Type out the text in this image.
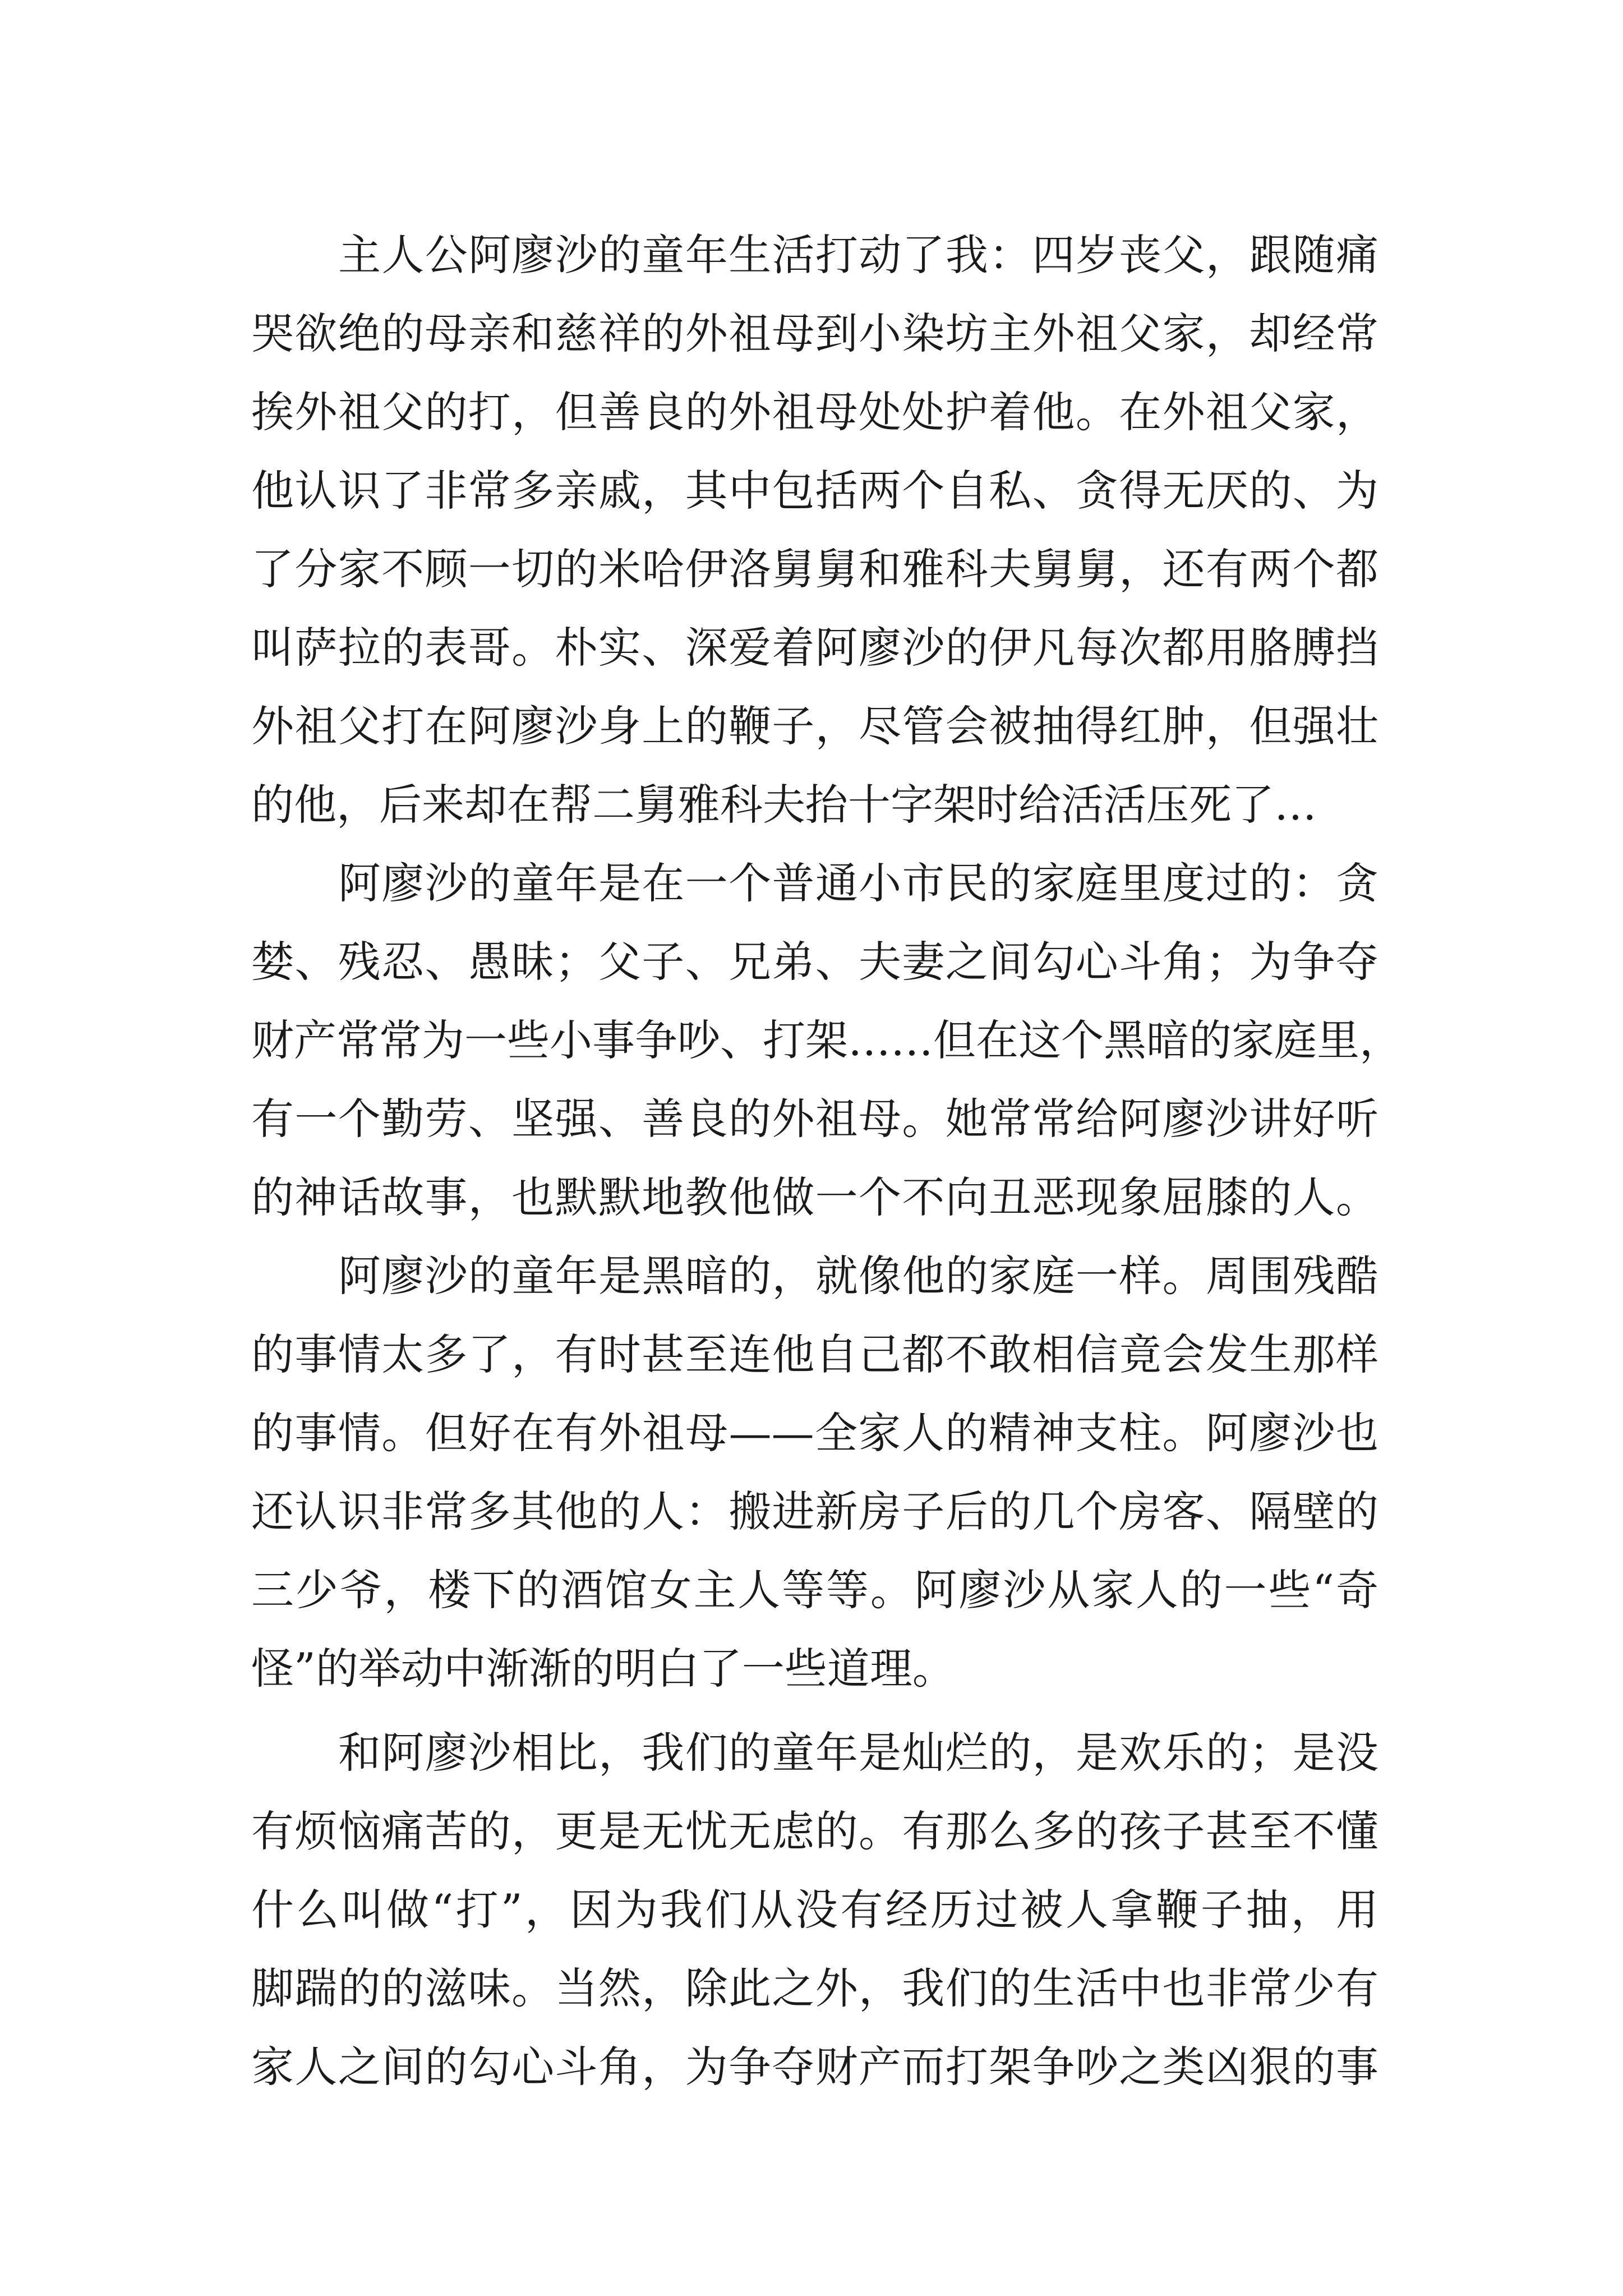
主人公阿廖沙的童年生活打动了我：四岁丧父，跟随痛
哭欲绝的母亲和慈祥的外祖母到小染坊主外祖父家，却经常
挨外祖父的打，但善良的外祖母处处护着他。在外祖父家，
他认识了非常多亲戚，其中包括两个自私、贪得无厌的、为
了分家不顾一切的米哈伊洛舅舅和雅科夫舅舅，还有两个都
叫萨拉的表哥。朴实、深爱着阿廖沙的伊凡每次都用胳膊挡
外祖父打在阿廖沙身上的鞭子，尽管会被抽得红肿，但强壮
的他，后来却在帮二舅雅科夫抬十字架时给活活压死了…
阿廖沙的童年是在一个普通小市民的家庭里度过的：贪
婪、残忍、愚昧；父子、兄弟、夫妻之间勾心斗角；为争夺
财产常常为一些小事争吵、打架……但在这个黑暗的家庭里，
有一个勤劳、坚强、善良的外祖母。她常常给阿廖沙讲好听
的神话故事，也默默地教他做一个不向丑恶现象屈膝的人。
阿廖沙的童年是黑暗的，就像他的家庭一样。周围残酷
的事情太多了，有时甚至连他自己都不敢相信竟会发生那样
的事情。但好在有外祖母——全家人的精神支柱。阿廖沙也
还认识非常多其他的人：搬进新房子后的几个房客、隔壁的
三少爷，楼下的酒馆女主人等等。阿廖沙从家人的一些“奇
怪”的举动中渐渐的明白了一些道理。
和阿廖沙相比，我们的童年是灿烂的，是欢乐的；是没
有烦恼痛苦的，更是无忧无虑的。有那么多的孩子甚至不懂
什么叫做“打”，因为我们从没有经历过被人拿鞭子抽，用
脚踹的的滋味。当然，除此之外，我们的生活中也非常少有
家人之间的勾心斗角，为争夺财产而打架争吵之类凶狠的事
